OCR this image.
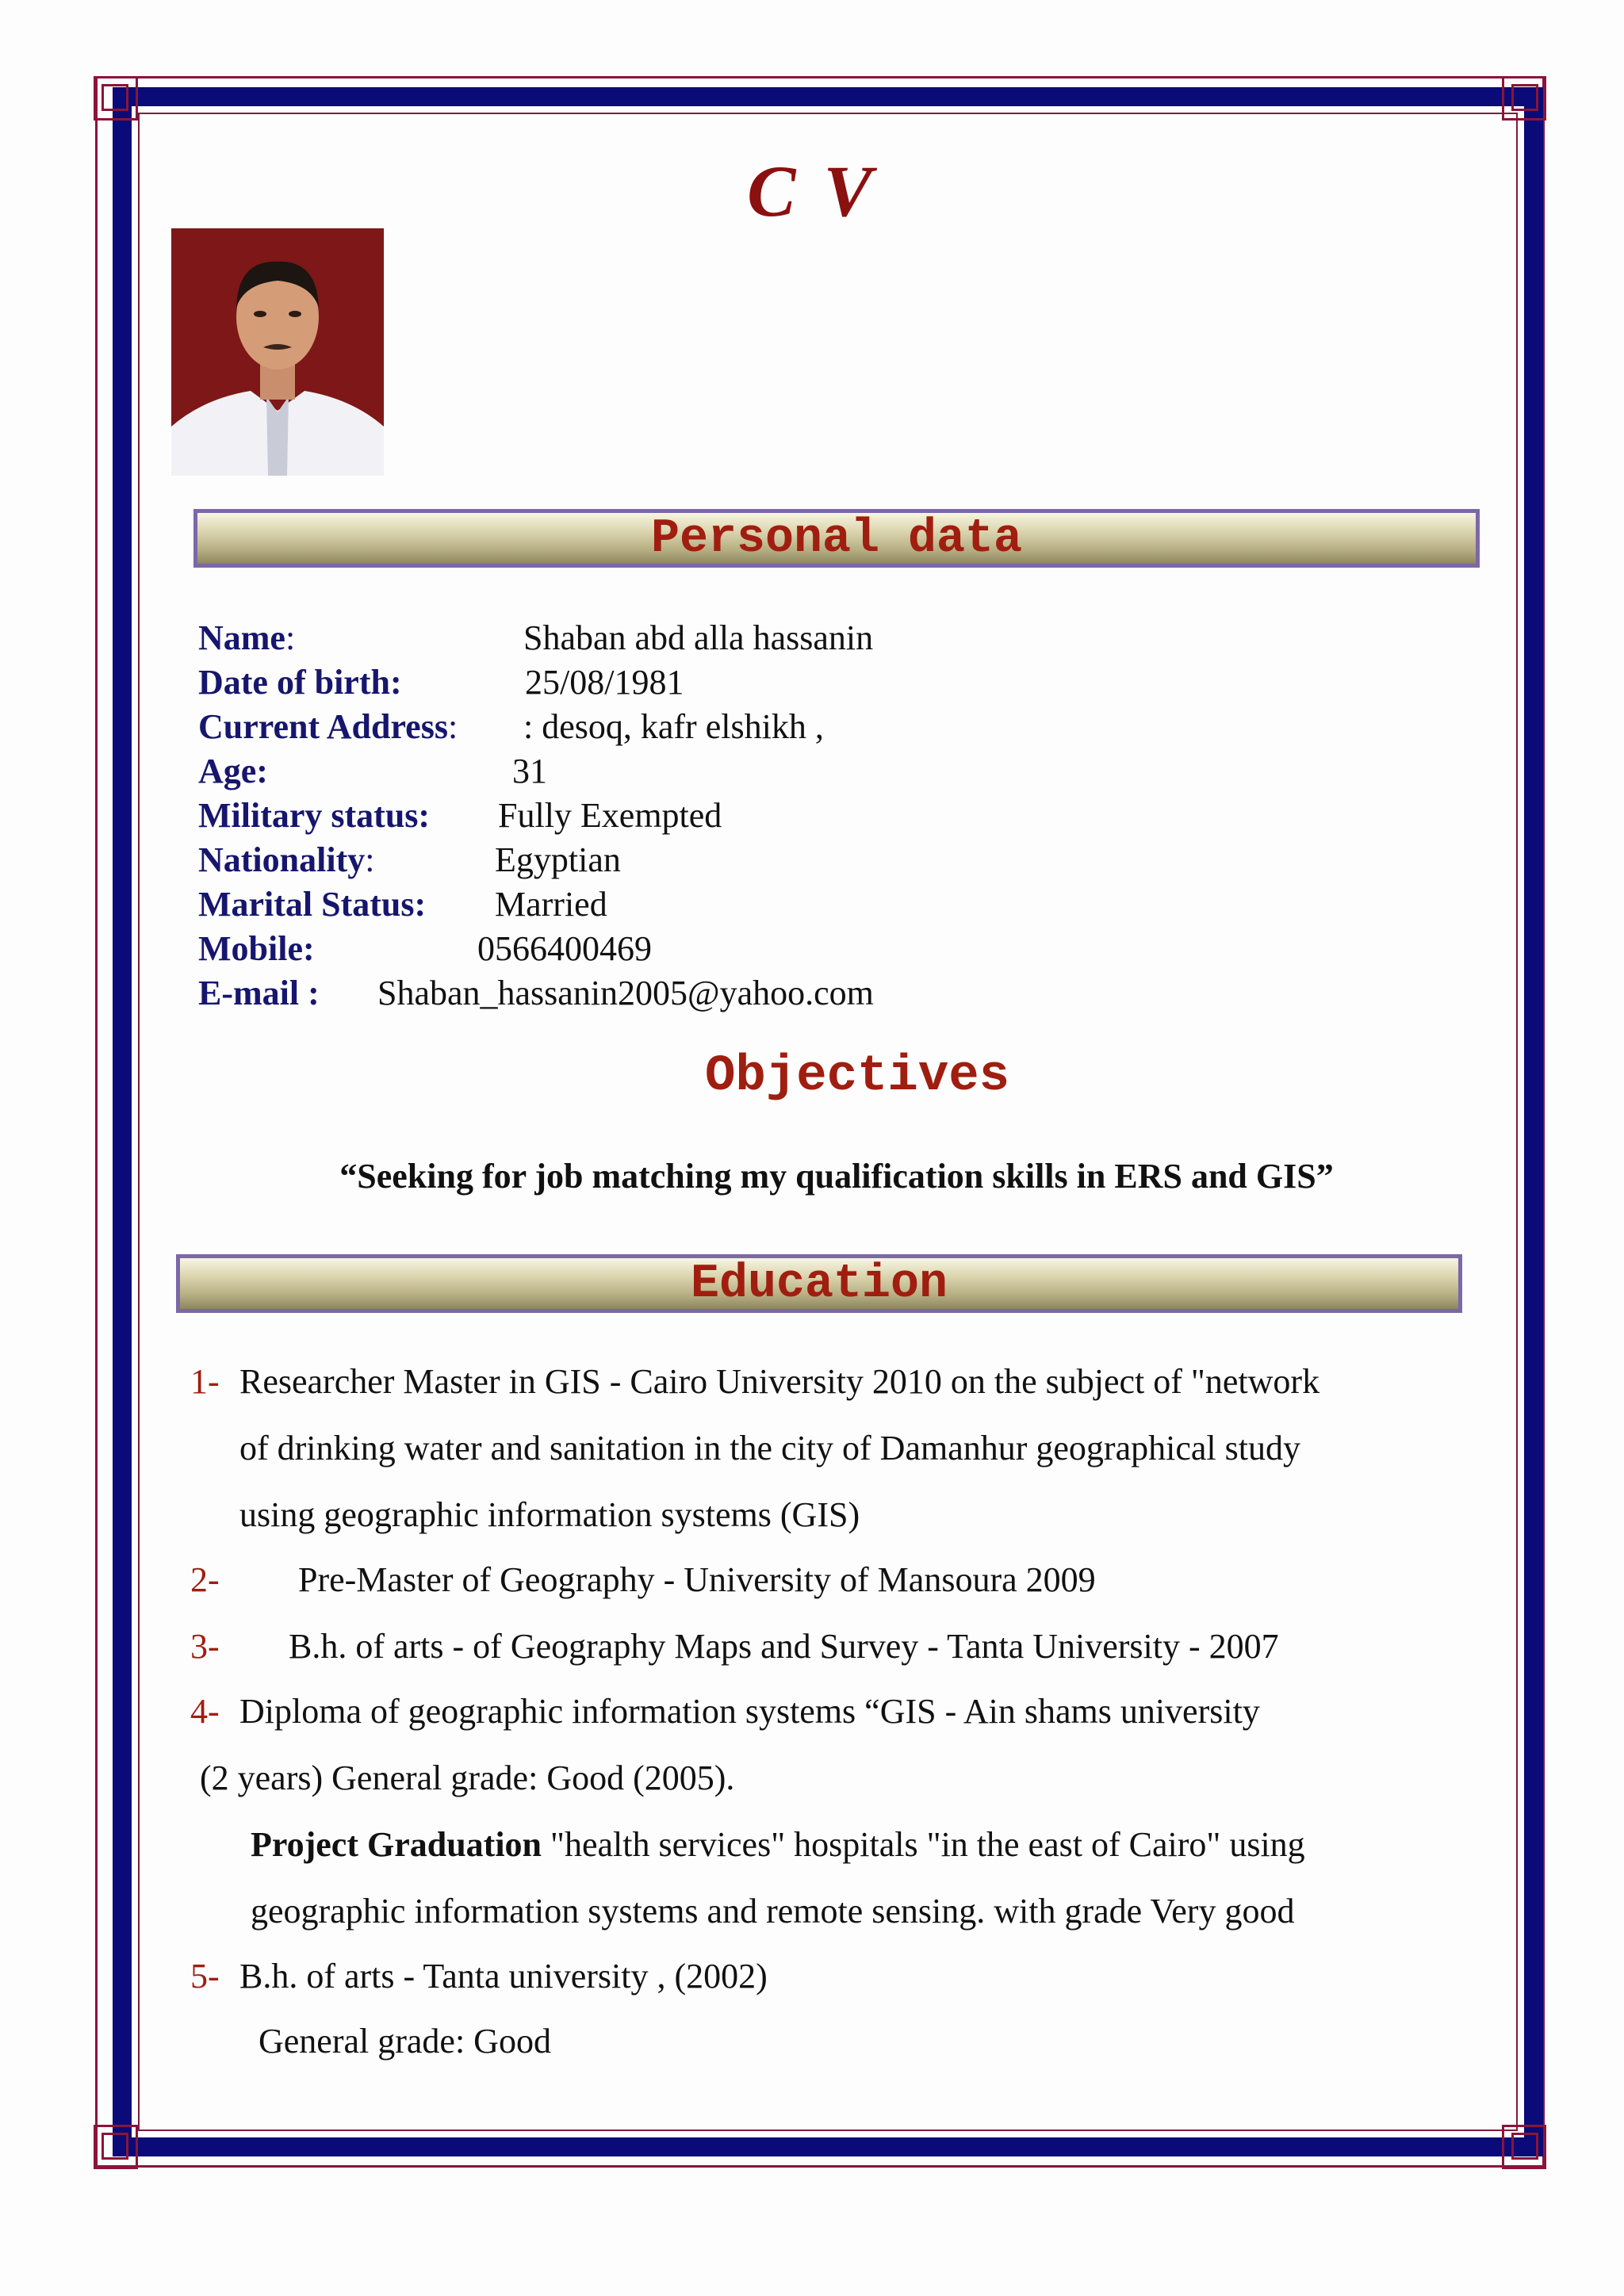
C V
Personal data
Name:	Shaban abd alla hassanin
Date of birth:	25/08/1981
Current Address: : desoq, kafr elshikh ,
Age:	31
Military status: Fully Exempted
Nationality:	Egyptian
Marital Status: Married
Mobile:	0566400469
E-mail : Shaban_hassanin2005@yahoo.com
Objectives
“Seeking for job matching my qualification skills in ERS and GIS”
Education
1- Researcher Master in GIS - Cairo University 2010 on the subject of "network
of drinking water and sanitation in the city of Damanhur geographical study
using geographic information systems (GIS)
2- Pre-Master of Geography - University of Mansoura 2009
3- B.h. of arts - of Geography Maps and Survey - Tanta University - 2007
4- Diploma of geographic information systems “GIS - Ain shams university
(2 years) General grade: Good (2005).
Project Graduation "health services" hospitals "in the east of Cairo" using
geographic information systems and remote sensing. with grade Very good
5- B.h. of arts - Tanta university , (2002)
General grade: Good
